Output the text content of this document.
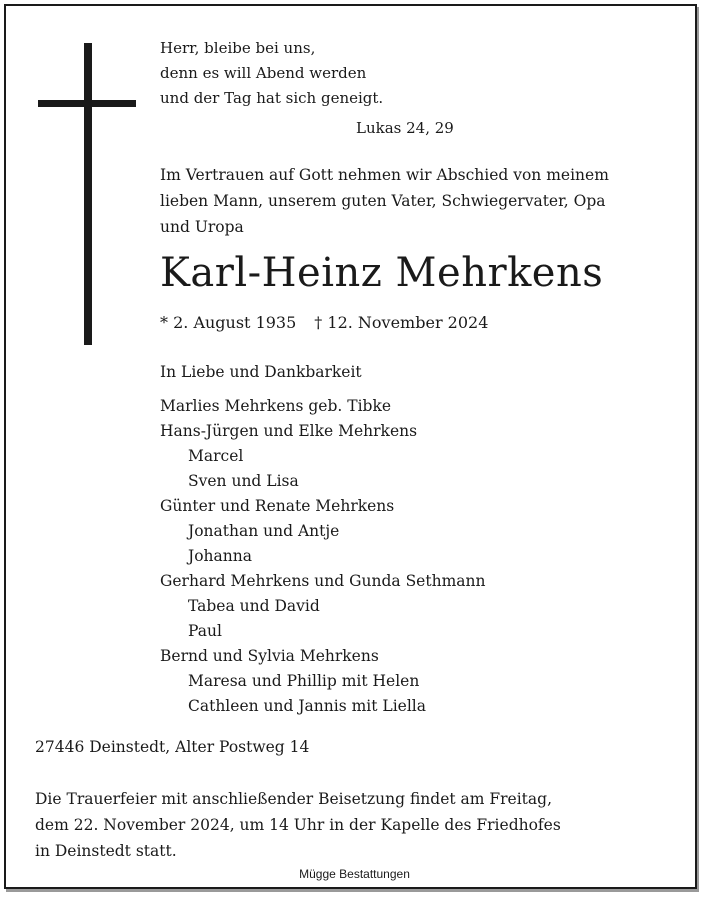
Herr, bleibe bei uns,
denn es will Abend werden
und der Tag hat sich geneigt.
Lukas 24, 29
Im Vertrauen auf Gott nehmen wir Abschied von meinem
lieben Mann, unserem guten Vater, Schwiegervater, Opa
und Uropa
Karl-Heinz Mehrkens
* 2. August 1935 † 12. November 2024
In Liebe und Dankbarkeit
Marlies Mehrkens geb. Tibke
Hans-Jürgen und Elke Mehrkens
Marcel
Sven und Lisa
Günter und Renate Mehrkens
Jonathan und Antje
Johanna
Gerhard Mehrkens und Gunda Sethmann
Tabea und David
Paul
Bernd und Sylvia Mehrkens
Maresa und Phillip mit Helen
Cathleen und Jannis mit Liella
27446 Deinstedt, Alter Postweg 14
Die Trauerfeier mit anschließender Beisetzung findet am Freitag,
dem 22. November 2024, um 14 Uhr in der Kapelle des Friedhofes
in Deinstedt statt.
Mügge Bestattungen
